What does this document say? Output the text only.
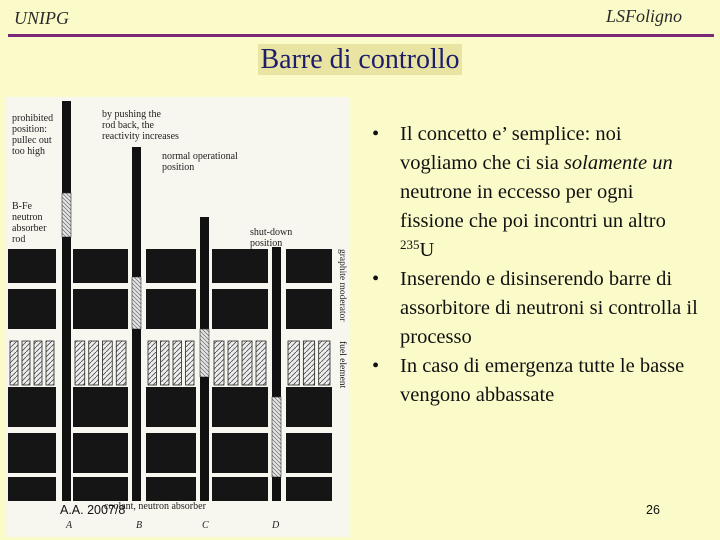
UNIPG	LSFoligno
Barre di controllo
prohibited position: pullec out too high
by pushing the rod back, the reactivity increases
normal operational position
B-Fe neutron absorber rod
shut-down position
graphite moderator
fuel element
coolant, neutron absorber
A	B	C	D
• Il concetto e’ semplice: noi vogliamo che ci sia solamente un neutrone in eccesso per ogni fissione che poi incontri un altro $^{235}$U
• Inserendo e disinserendo barre di assorbitore di neutroni si controlla il processo
• In caso di emergenza tutte le basse vengono abbassate
A.A. 2007/8	26
